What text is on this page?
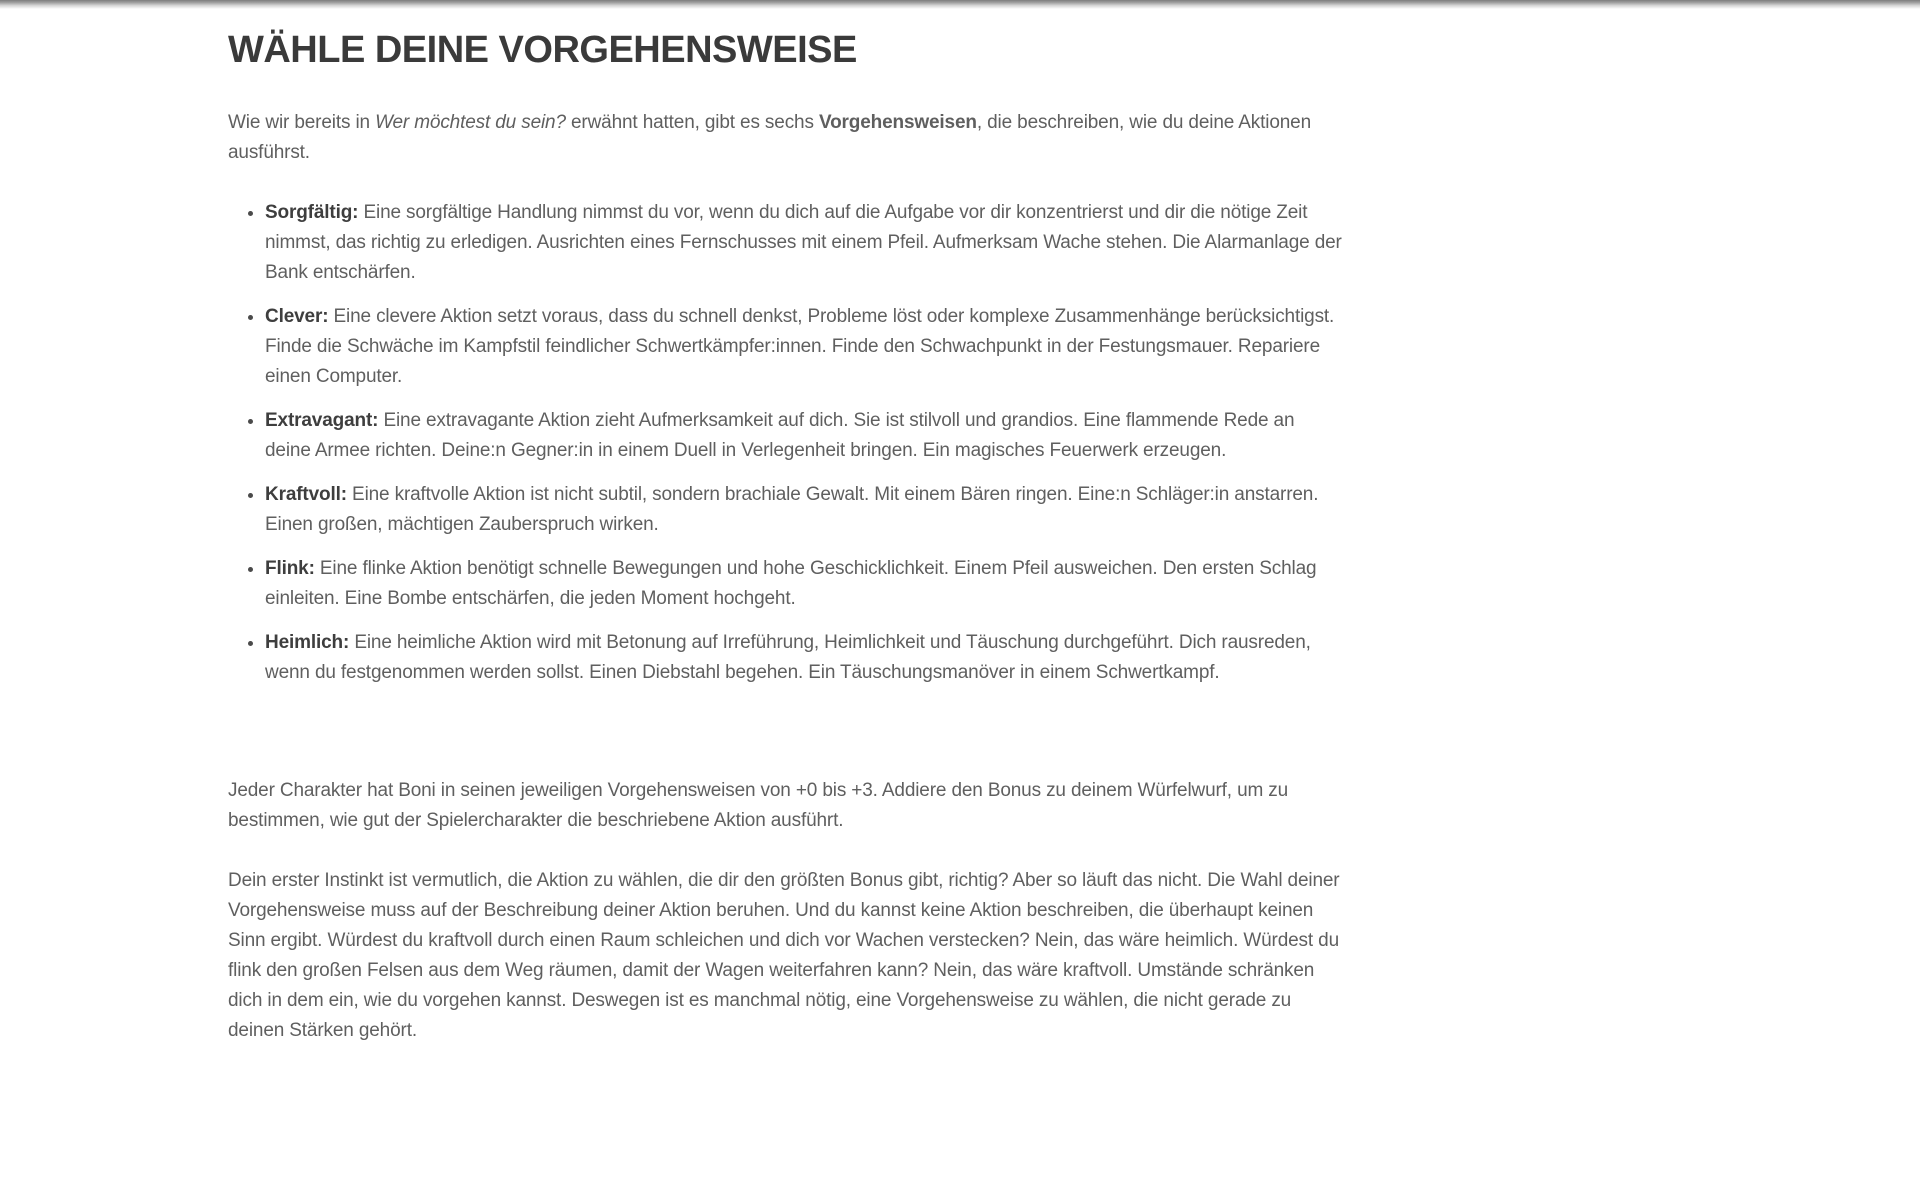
WÄHLE DEINE VORGEHENSWEISE

Wie wir bereits in Wer möchtest du sein? erwähnt hatten, gibt es sechs Vorgehensweisen, die beschreiben, wie du deine Aktionen ausführst.

• Sorgfältig: Eine sorgfältige Handlung nimmst du vor, wenn du dich auf die Aufgabe vor dir konzentrierst und dir die nötige Zeit nimmst, das richtig zu erledigen. Ausrichten eines Fernschusses mit einem Pfeil. Aufmerksam Wache stehen. Die Alarmanlage der Bank entschärfen.
• Clever: Eine clevere Aktion setzt voraus, dass du schnell denkst, Probleme löst oder komplexe Zusammenhänge berücksichtigst. Finde die Schwäche im Kampfstil feindlicher Schwertkämpfer:innen. Finde den Schwachpunkt in der Festungsmauer. Repariere einen Computer.
• Extravagant: Eine extravagante Aktion zieht Aufmerksamkeit auf dich. Sie ist stilvoll und grandios. Eine flammende Rede an deine Armee richten. Deine:n Gegner:in in einem Duell in Verlegenheit bringen. Ein magisches Feuerwerk erzeugen.
• Kraftvoll: Eine kraftvolle Aktion ist nicht subtil, sondern brachiale Gewalt. Mit einem Bären ringen. Eine:n Schläger:in anstarren. Einen großen, mächtigen Zauberspruch wirken.
• Flink: Eine flinke Aktion benötigt schnelle Bewegungen und hohe Geschicklichkeit. Einem Pfeil ausweichen. Den ersten Schlag einleiten. Eine Bombe entschärfen, die jeden Moment hochgeht.
• Heimlich: Eine heimliche Aktion wird mit Betonung auf Irreführung, Heimlichkeit und Täuschung durchgeführt. Dich rausreden, wenn du festgenommen werden sollst. Einen Diebstahl begehen. Ein Täuschungsmanöver in einem Schwertkampf.

Jeder Charakter hat Boni in seinen jeweiligen Vorgehensweisen von +0 bis +3. Addiere den Bonus zu deinem Würfelwurf, um zu bestimmen, wie gut der Spielercharakter die beschriebene Aktion ausführt.

Dein erster Instinkt ist vermutlich, die Aktion zu wählen, die dir den größten Bonus gibt, richtig? Aber so läuft das nicht. Die Wahl deiner Vorgehensweise muss auf der Beschreibung deiner Aktion beruhen. Und du kannst keine Aktion beschreiben, die überhaupt keinen Sinn ergibt. Würdest du kraftvoll durch einen Raum schleichen und dich vor Wachen verstecken? Nein, das wäre heimlich. Würdest du flink den großen Felsen aus dem Weg räumen, damit der Wagen weiterfahren kann? Nein, das wäre kraftvoll. Umstände schränken dich in dem ein, wie du vorgehen kannst. Deswegen ist es manchmal nötig, eine Vorgehensweise zu wählen, die nicht gerade zu deinen Stärken gehört.
